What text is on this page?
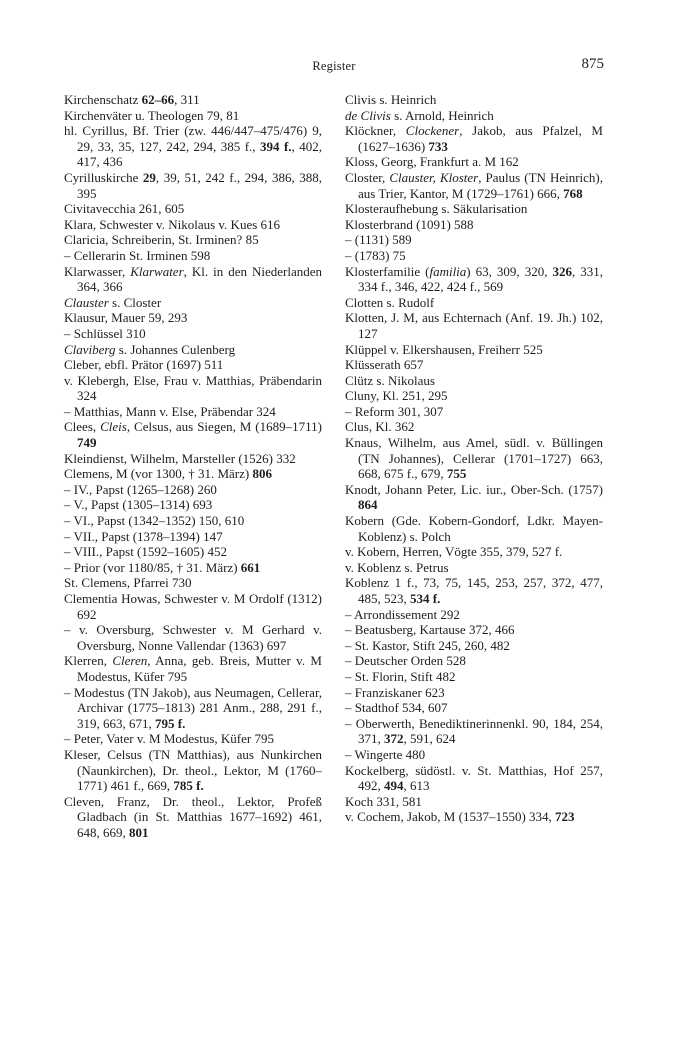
Register	875

Kirchenschatz 62–66, 311

Kirchenväter u. Theologen 79, 81

hl. Cyrillus, Bf. Trier (zw. 446/447–475/476) 9, 29, 33, 35, 127, 242, 294, 385 f., 394 f., 402, 417, 436

Cyrilluskirche 29, 39, 51, 242 f., 294, 386, 388, 395

Civitavecchia 261, 605

Klara, Schwester v. Nikolaus v. Kues 616

Claricia, Schreiberin, St. Irminen? 85

– Cellerarin St. Irminen 598

Klarwasser, Klarwater, Kl. in den Niederlanden 364, 366

Clauster s. Closter

Klausur, Mauer 59, 293

– Schlüssel 310

Claviberg s. Johannes Culenberg

Cleber, ebfl. Prätor (1697) 511

v. Klebergh, Else, Frau v. Matthias, Präbendarin 324

– Matthias, Mann v. Else, Präbendar 324

Clees, Cleis, Celsus, aus Siegen, M (1689–1711) 749

Kleindienst, Wilhelm, Marsteller (1526) 332

Clemens, M (vor 1300, † 31. März) 806

– IV., Papst (1265–1268) 260

– V., Papst (1305–1314) 693

– VI., Papst (1342–1352) 150, 610

– VII., Papst (1378–1394) 147

– VIII., Papst (1592–1605) 452

– Prior (vor 1180/85, † 31. März) 661

St. Clemens, Pfarrei 730

Clementia Howas, Schwester v. M Ordolf (1312) 692

– v. Oversburg, Schwester v. M Gerhard v. Oversburg, Nonne Vallendar (1363) 697

Klerren, Cleren, Anna, geb. Breis, Mutter v. M Modestus, Küfer 795

– Modestus (TN Jakob), aus Neumagen, Cellerar, Archivar (1775–1813) 281 Anm., 288, 291 f., 319, 663, 671, 795 f.

– Peter, Vater v. M Modestus, Küfer 795

Kleser, Celsus (TN Matthias), aus Nunkirchen (Naunkirchen), Dr. theol., Lektor, M (1760–1771) 461 f., 669, 785 f.

Cleven, Franz, Dr. theol., Lektor, Profeß Gladbach (in St. Matthias 1677–1692) 461, 648, 669, 801

Clivis s. Heinrich

de Clivis s. Arnold, Heinrich

Klöckner, Clockener, Jakob, aus Pfalzel, M (1627–1636) 733

Kloss, Georg, Frankfurt a. M 162

Closter, Clauster, Kloster, Paulus (TN Heinrich), aus Trier, Kantor, M (1729–1761) 666, 768

Klosteraufhebung s. Säkularisation

Klosterbrand (1091) 588

– (1131) 589

– (1783) 75

Klosterfamilie (familia) 63, 309, 320, 326, 331, 334 f., 346, 422, 424 f., 569

Clotten s. Rudolf

Klotten, J. M, aus Echternach (Anf. 19. Jh.) 102, 127

Klüppel v. Elkershausen, Freiherr 525

Klüsserath 657

Clütz s. Nikolaus

Cluny, Kl. 251, 295

– Reform 301, 307

Clus, Kl. 362

Knaus, Wilhelm, aus Amel, südl. v. Büllingen (TN Johannes), Cellerar (1701–1727) 663, 668, 675 f., 679, 755

Knodt, Johann Peter, Lic. iur., Ober-Sch. (1757) 864

Kobern (Gde. Kobern-Gondorf, Ldkr. Mayen-Koblenz) s. Polch

v. Kobern, Herren, Vögte 355, 379, 527 f.

v. Koblenz s. Petrus

Koblenz 1 f., 73, 75, 145, 253, 257, 372, 477, 485, 523, 534 f.

– Arrondissement 292

– Beatusberg, Kartause 372, 466

– St. Kastor, Stift 245, 260, 482

– Deutscher Orden 528

– St. Florin, Stift 482

– Franziskaner 623

– Stadthof 534, 607

– Oberwerth, Benediktinerinnenkl. 90, 184, 254, 371, 372, 591, 624

– Wingerte 480

Kockelberg, südöstl. v. St. Matthias, Hof 257, 492, 494, 613

Koch 331, 581

v. Cochem, Jakob, M (1537–1550) 334, 723
